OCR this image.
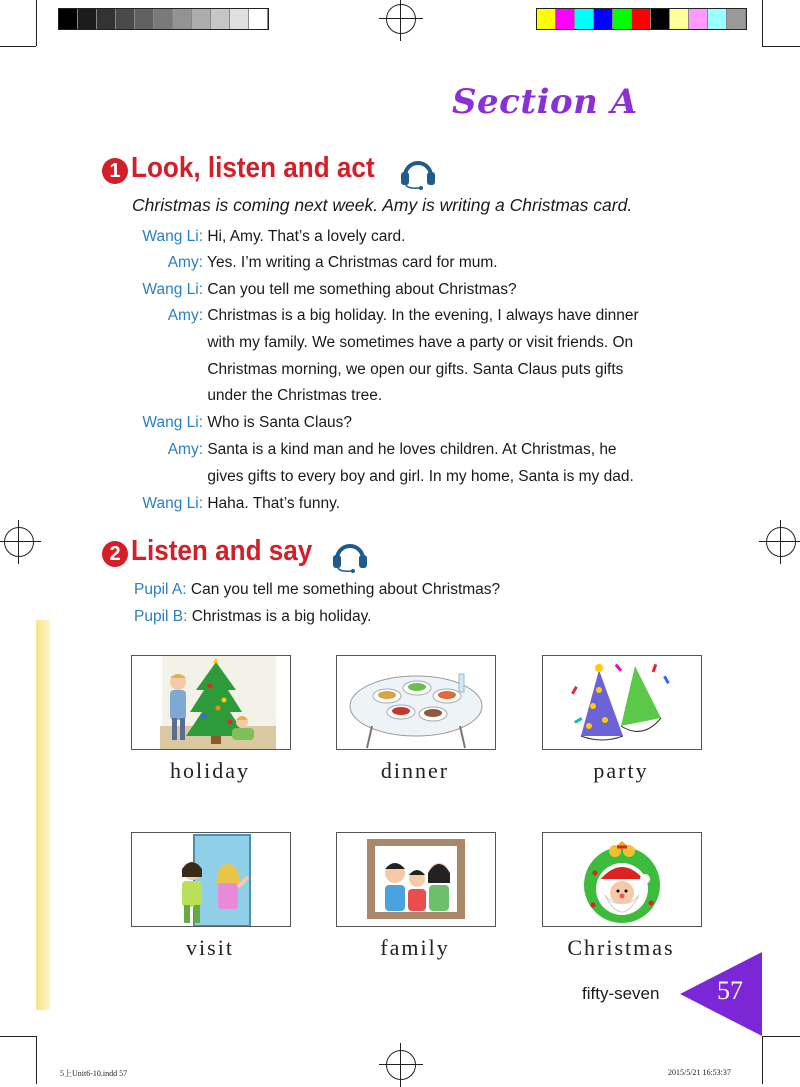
Section A
1 Look, listen and act
Christmas is coming next week. Amy is writing a Christmas card.
Wang Li: Hi, Amy. That’s a lovely card.
Amy: Yes. I’m writing a Christmas card for mum.
Wang Li: Can you tell me something about Christmas?
Amy: Christmas is a big holiday. In the evening, I always have dinner
with my family. We sometimes have a party or visit friends. On
Christmas morning, we open our gifts. Santa Claus puts gifts
under the Christmas tree.
Wang Li: Who is Santa Claus?
Amy: Santa is a kind man and he loves children. At Christmas, he
gives gifts to every boy and girl. In my home, Santa is my dad.
Wang Li: Haha. That’s funny.
2 Listen and say
Pupil A: Can you tell me something about Christmas?
Pupil B: Christmas is a big holiday.
holiday	dinner	party
visit	family	Christmas
fifty-seven	57
5上Unit6-10.indd 57	2015/5/21 16:53:37
